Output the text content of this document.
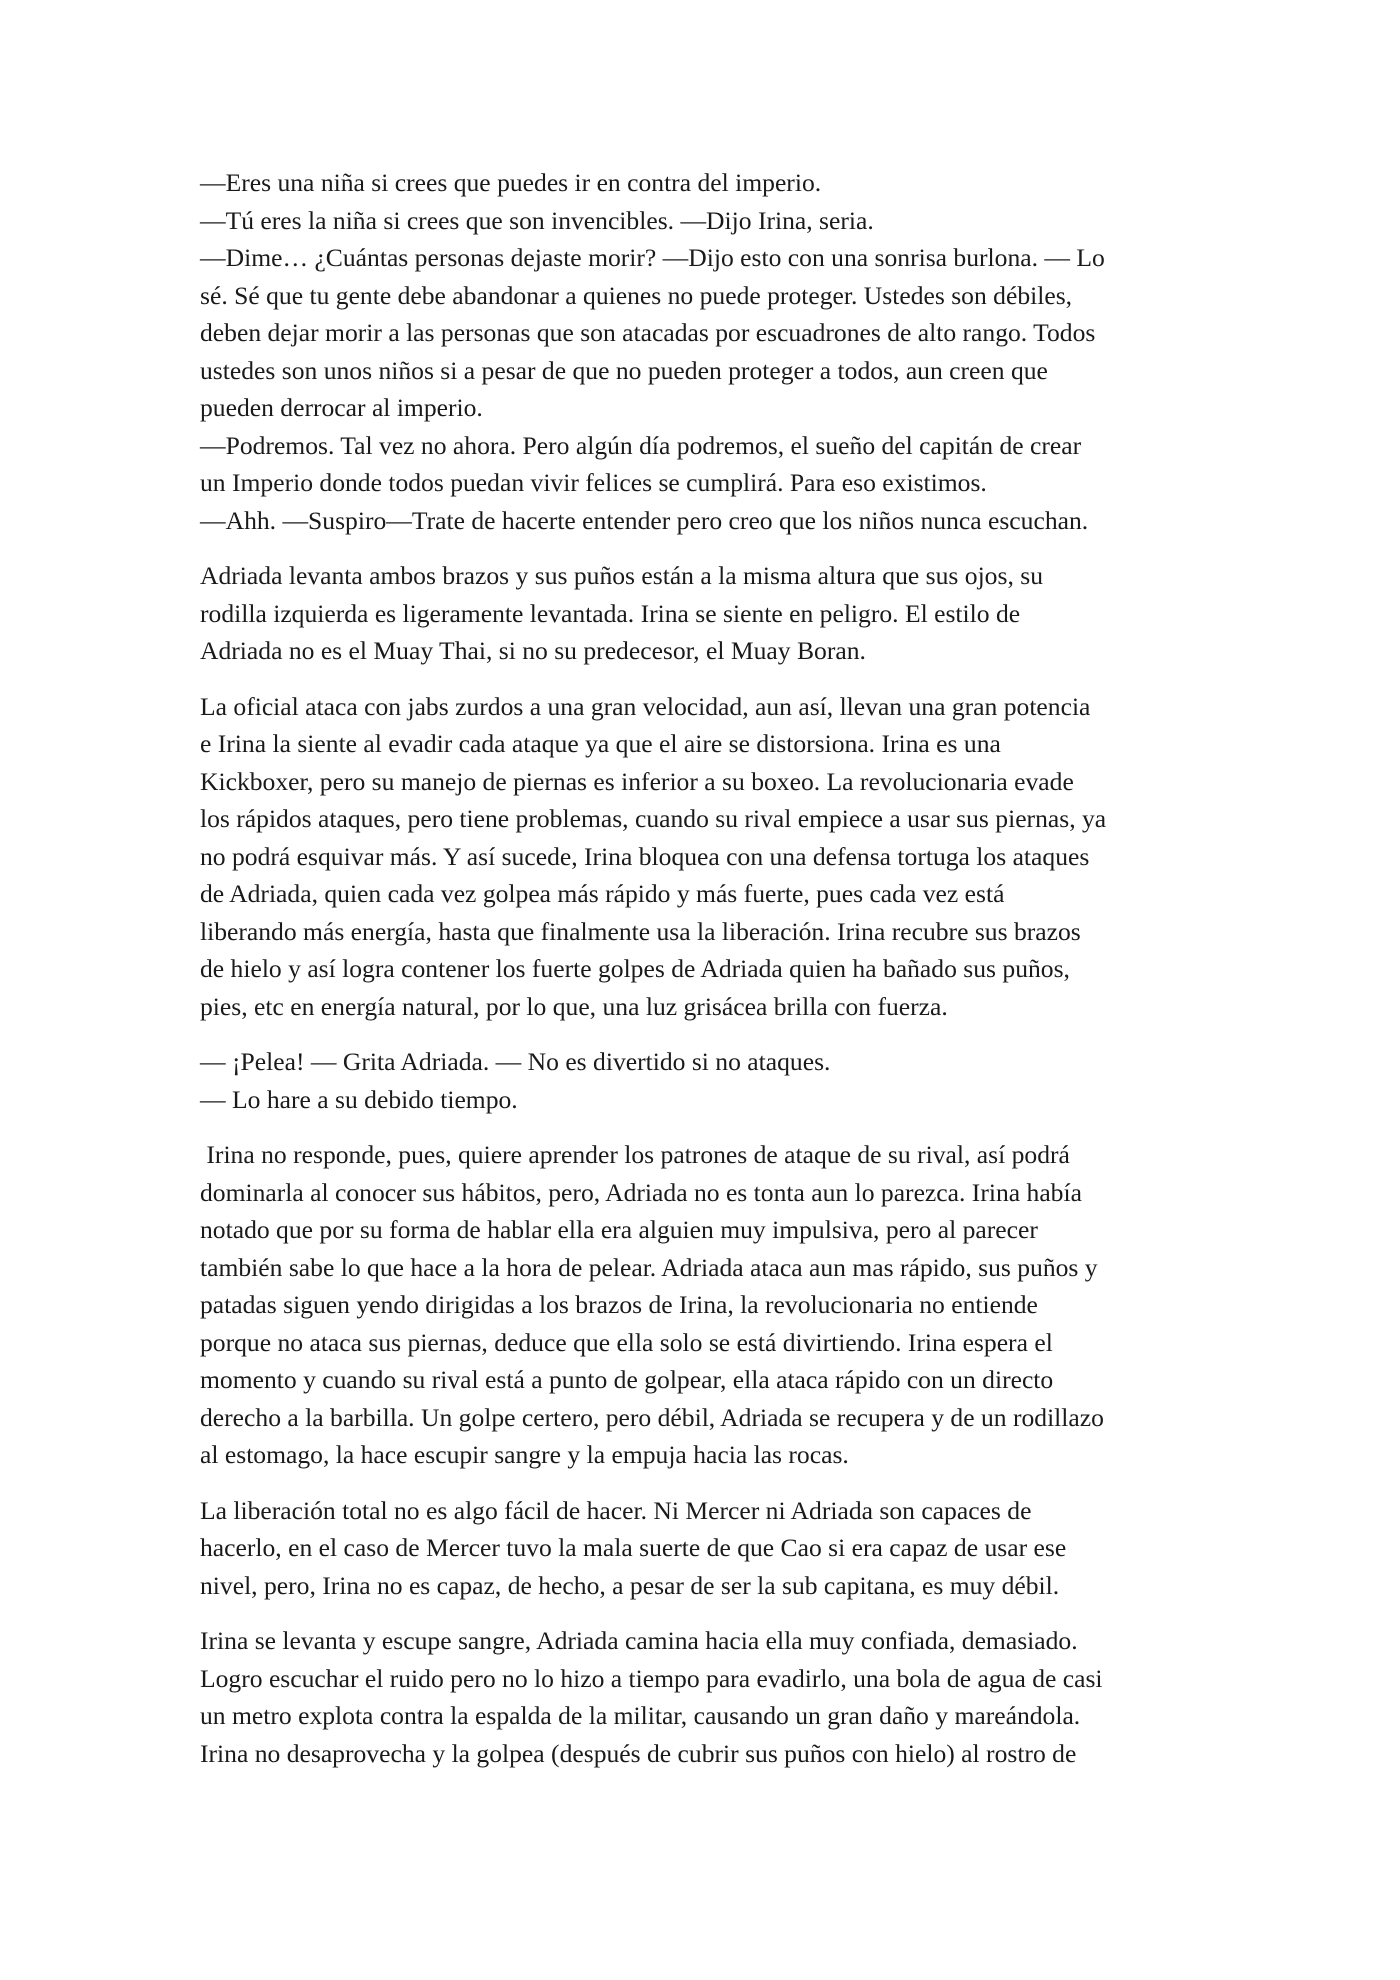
—Eres una niña si crees que puedes ir en contra del imperio.
—Tú eres la niña si crees que son invencibles. —Dijo Irina, seria.
—Dime… ¿Cuántas personas dejaste morir? —Dijo esto con una sonrisa burlona. — Lo
sé. Sé que tu gente debe abandonar a quienes no puede proteger. Ustedes son débiles,
deben dejar morir a las personas que son atacadas por escuadrones de alto rango. Todos
ustedes son unos niños si a pesar de que no pueden proteger a todos, aun creen que
pueden derrocar al imperio.
—Podremos. Tal vez no ahora. Pero algún día podremos, el sueño del capitán de crear
un Imperio donde todos puedan vivir felices se cumplirá. Para eso existimos.
—Ahh. —Suspiro—Trate de hacerte entender pero creo que los niños nunca escuchan.
Adriada levanta ambos brazos y sus puños están a la misma altura que sus ojos, su
rodilla izquierda es ligeramente levantada. Irina se siente en peligro. El estilo de
Adriada no es el Muay Thai, si no su predecesor, el Muay Boran.
La oficial ataca con jabs zurdos a una gran velocidad, aun así, llevan una gran potencia
e Irina la siente al evadir cada ataque ya que el aire se distorsiona. Irina es una
Kickboxer, pero su manejo de piernas es inferior a su boxeo. La revolucionaria evade
los rápidos ataques, pero tiene problemas, cuando su rival empiece a usar sus piernas, ya
no podrá esquivar más. Y así sucede, Irina bloquea con una defensa tortuga los ataques
de Adriada, quien cada vez golpea más rápido y más fuerte, pues cada vez está
liberando más energía, hasta que finalmente usa la liberación. Irina recubre sus brazos
de hielo y así logra contener los fuerte golpes de Adriada quien ha bañado sus puños,
pies, etc en energía natural, por lo que, una luz grisácea brilla con fuerza.
— ¡Pelea! — Grita Adriada. — No es divertido si no ataques.
— Lo hare a su debido tiempo.
Irina no responde, pues, quiere aprender los patrones de ataque de su rival, así podrá
dominarla al conocer sus hábitos, pero, Adriada no es tonta aun lo parezca. Irina había
notado que por su forma de hablar ella era alguien muy impulsiva, pero al parecer
también sabe lo que hace a la hora de pelear. Adriada ataca aun mas rápido, sus puños y
patadas siguen yendo dirigidas a los brazos de Irina, la revolucionaria no entiende
porque no ataca sus piernas, deduce que ella solo se está divirtiendo. Irina espera el
momento y cuando su rival está a punto de golpear, ella ataca rápido con un directo
derecho a la barbilla. Un golpe certero, pero débil, Adriada se recupera y de un rodillazo
al estomago, la hace escupir sangre y la empuja hacia las rocas.
La liberación total no es algo fácil de hacer. Ni Mercer ni Adriada son capaces de
hacerlo, en el caso de Mercer tuvo la mala suerte de que Cao si era capaz de usar ese
nivel, pero, Irina no es capaz, de hecho, a pesar de ser la sub capitana, es muy débil.
Irina se levanta y escupe sangre, Adriada camina hacia ella muy confiada, demasiado.
Logro escuchar el ruido pero no lo hizo a tiempo para evadirlo, una bola de agua de casi
un metro explota contra la espalda de la militar, causando un gran daño y mareándola.
Irina no desaprovecha y la golpea (después de cubrir sus puños con hielo) al rostro de
